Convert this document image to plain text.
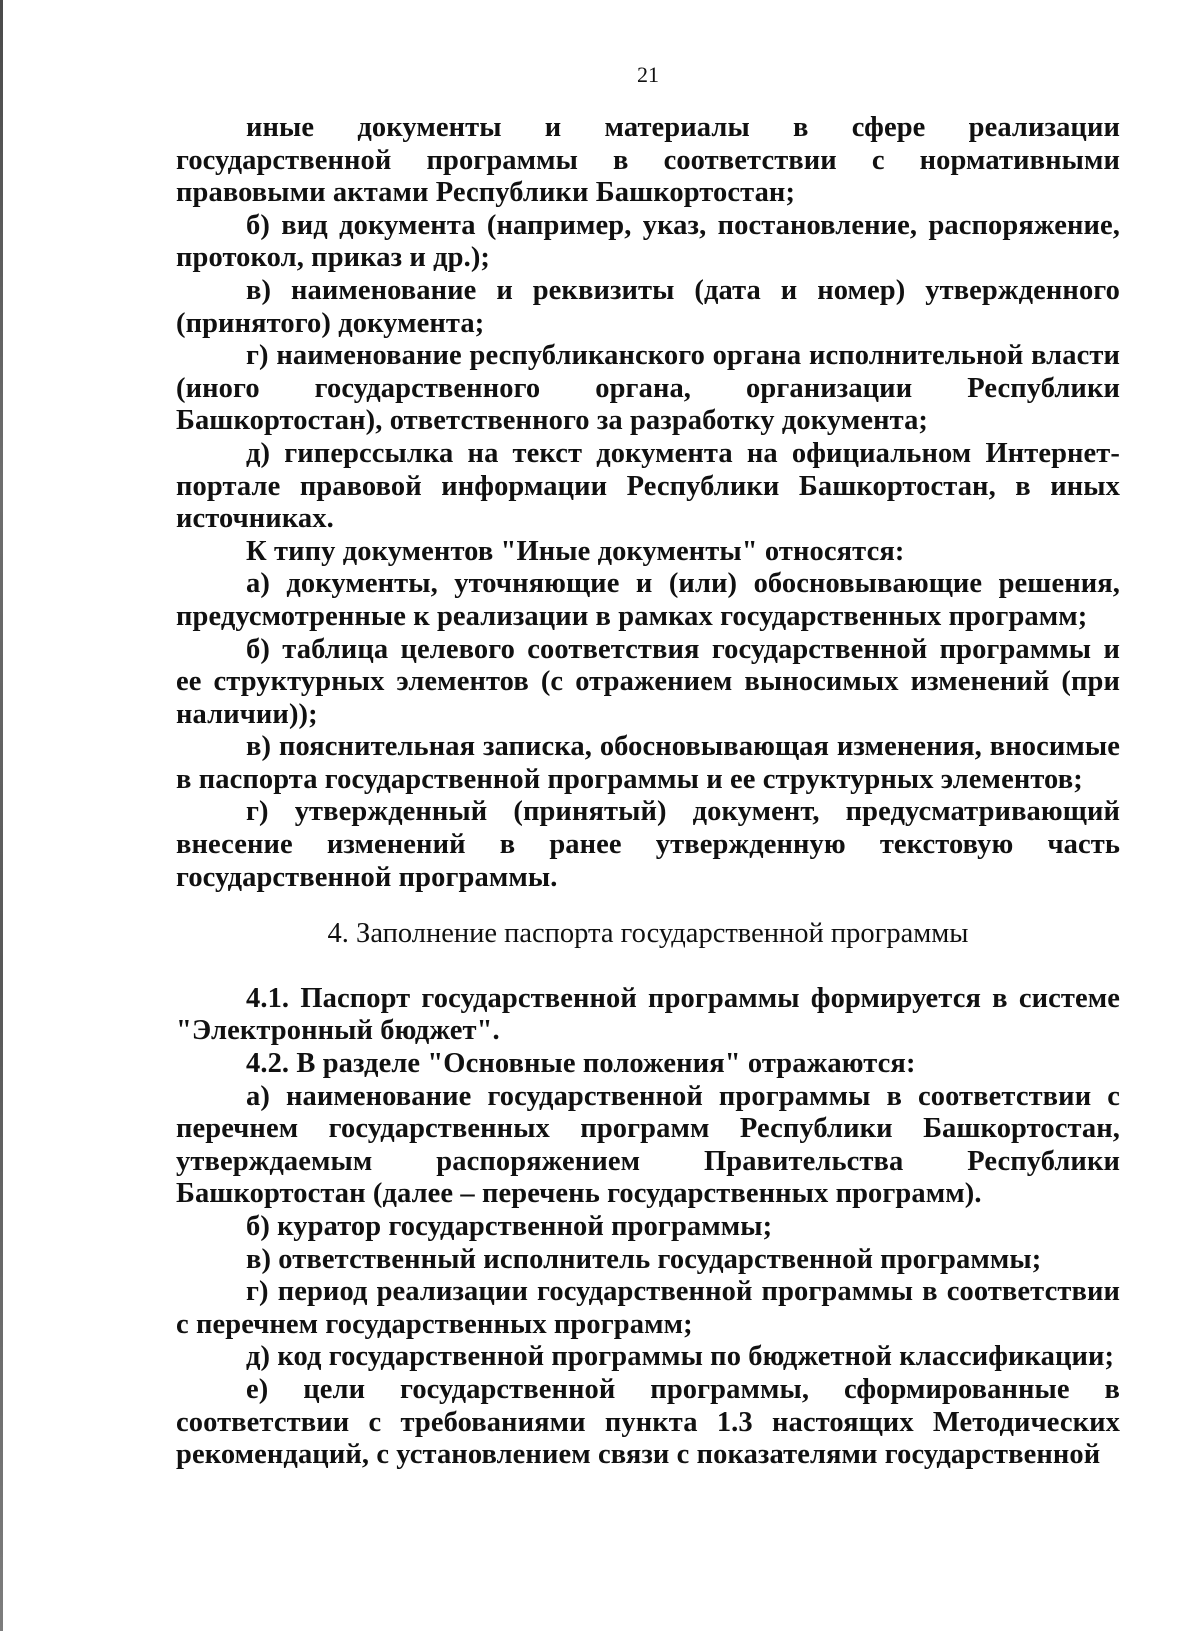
21

иные документы и материалы в сфере реализации государственной программы в соответствии с нормативными правовыми актами Республики Башкортостан;

б) вид документа (например, указ, постановление, распоряжение, протокол, приказ и др.);

в) наименование и реквизиты (дата и номер) утвержденного (принятого) документа;

г) наименование республиканского органа исполнительной власти (иного государственного органа, организации Республики Башкортостан), ответственного за разработку документа;

д) гиперссылка на текст документа на официальном Интернет-портале правовой информации Республики Башкортостан, в иных источниках.

К типу документов "Иные документы" относятся:

а) документы, уточняющие и (или) обосновывающие решения, предусмотренные к реализации в рамках государственных программ;

б) таблица целевого соответствия государственной программы и ее структурных элементов (с отражением выносимых изменений (при наличии));

в) пояснительная записка, обосновывающая изменения, вносимые в паспорта государственной программы и ее структурных элементов;

г) утвержденный (принятый) документ, предусматривающий внесение изменений в ранее утвержденную текстовую часть государственной программы.

4. Заполнение паспорта государственной программы

4.1. Паспорт государственной программы формируется в системе "Электронный бюджет".

4.2. В разделе "Основные положения" отражаются:

а) наименование государственной программы в соответствии с перечнем государственных программ Республики Башкортостан, утверждаемым распоряжением Правительства Республики Башкортостан (далее – перечень государственных программ).

б) куратор государственной программы;

в) ответственный исполнитель государственной программы;

г) период реализации государственной программы в соответствии с перечнем государственных программ;

д) код государственной программы по бюджетной классификации;

е) цели государственной программы, сформированные в соответствии с требованиями пункта 1.3 настоящих Методических рекомендаций, с установлением связи с показателями государственной
